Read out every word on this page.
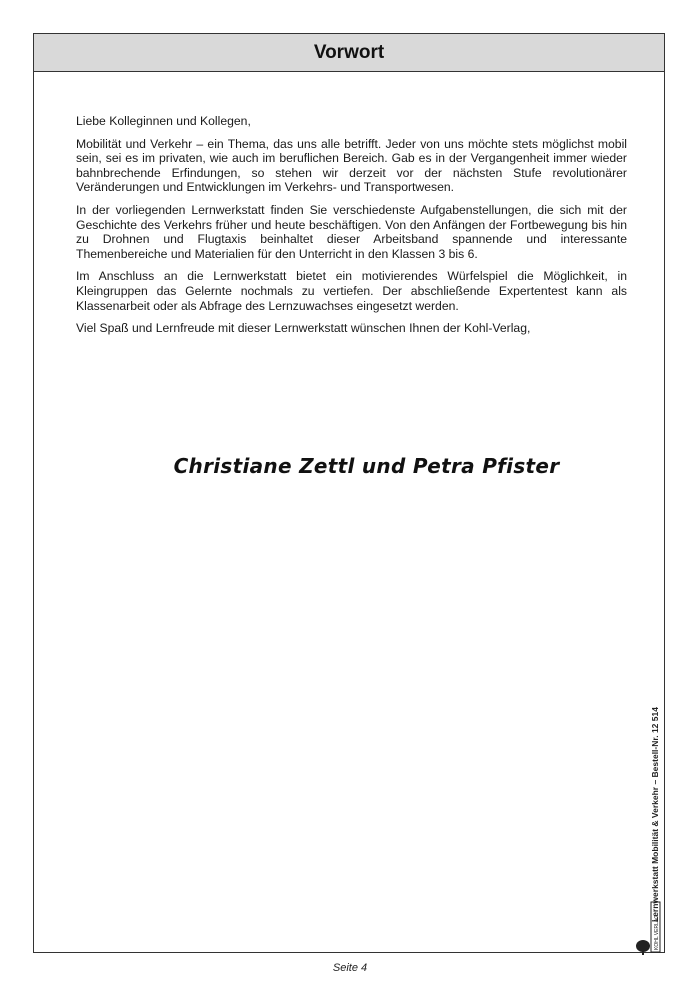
Vorwort

Liebe Kolleginnen und Kollegen,

Mobilität und Verkehr – ein Thema, das uns alle betrifft. Jeder von uns möchte stets möglichst mobil sein, sei es im privaten, wie auch im beruflichen Bereich. Gab es in der Vergangenheit immer wieder bahnbrechende Erfindungen, so stehen wir derzeit vor der nächsten Stufe revolutionärer Veränderungen und Entwicklungen im Verkehrs- und Transportwesen.

In der vorliegenden Lernwerkstatt finden Sie verschiedenste Aufgabenstellungen, die sich mit der Geschichte des Verkehrs früher und heute beschäftigen. Von den Anfängen der Fortbewegung bis hin zu Drohnen und Flugtaxis beinhaltet dieser Arbeitsband spannende und interessante Themenbereiche und Materialien für den Unterricht in den Klassen 3 bis 6.

Im Anschluss an die Lernwerkstatt bietet ein motivierendes Würfelspiel die Möglichkeit, in Kleingruppen das Gelernte nochmals zu vertiefen. Der abschließende Expertentest kann als Klassenarbeit oder als Abfrage des Lernzuwachses eingesetzt werden.

Viel Spaß und Lernfreude mit dieser Lernwerkstatt wünschen Ihnen der Kohl-Verlag,

Christiane Zettl und Petra Pfister
Lernwerkstatt Mobilität & Verkehr – Bestell-Nr. 12 514
KOHL VERLAG
Seite 4
